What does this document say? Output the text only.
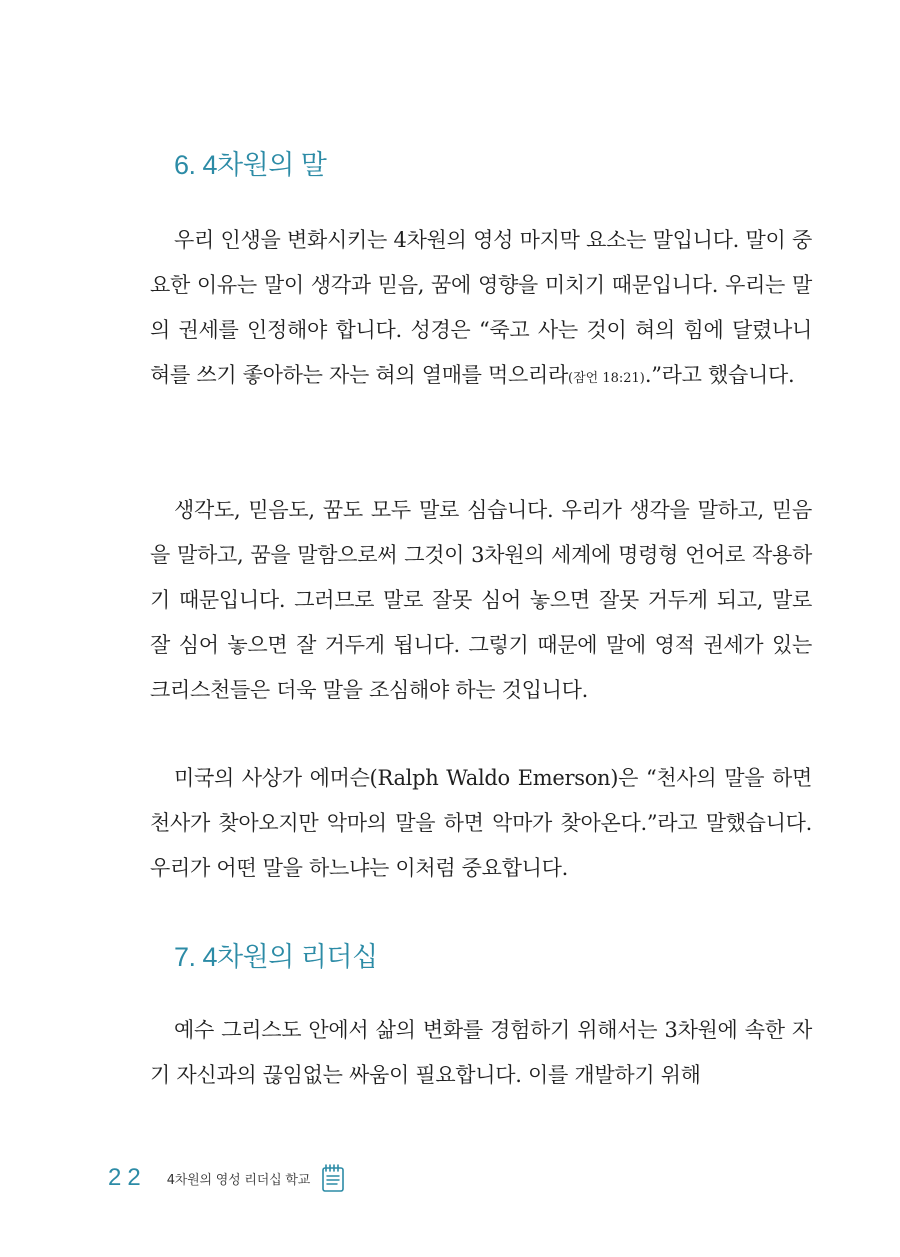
6. 4차원의 말

우리 인생을 변화시키는 4차원의 영성 마지막 요소는 말입니다. 말이 중요한 이유는 말이 생각과 믿음, 꿈에 영향을 미치기 때문입니다. 우리는 말의 권세를 인정해야 합니다. 성경은 “죽고 사는 것이 혀의 힘에 달렸나니 혀를 쓰기 좋아하는 자는 혀의 열매를 먹으리라(잠언 18:21).”라고 했습니다.

생각도, 믿음도, 꿈도 모두 말로 심습니다. 우리가 생각을 말하고, 믿음을 말하고, 꿈을 말함으로써 그것이 3차원의 세계에 명령형 언어로 작용하기 때문입니다. 그러므로 말로 잘못 심어 놓으면 잘못 거두게 되고, 말로 잘 심어 놓으면 잘 거두게 됩니다. 그렇기 때문에 말에 영적 권세가 있는 크리스천들은 더욱 말을 조심해야 하는 것입니다.

미국의 사상가 에머슨(Ralph Waldo Emerson)은 “천사의 말을 하면 천사가 찾아오지만 악마의 말을 하면 악마가 찾아온다.”라고 말했습니다. 우리가 어떤 말을 하느냐는 이처럼 중요합니다.

7. 4차원의 리더십

예수 그리스도 안에서 삶의 변화를 경험하기 위해서는 3차원에 속한 자기 자신과의 끊임없는 싸움이 필요합니다. 이를 개발하기 위해

22 4차원의 영성 리더십 학교
